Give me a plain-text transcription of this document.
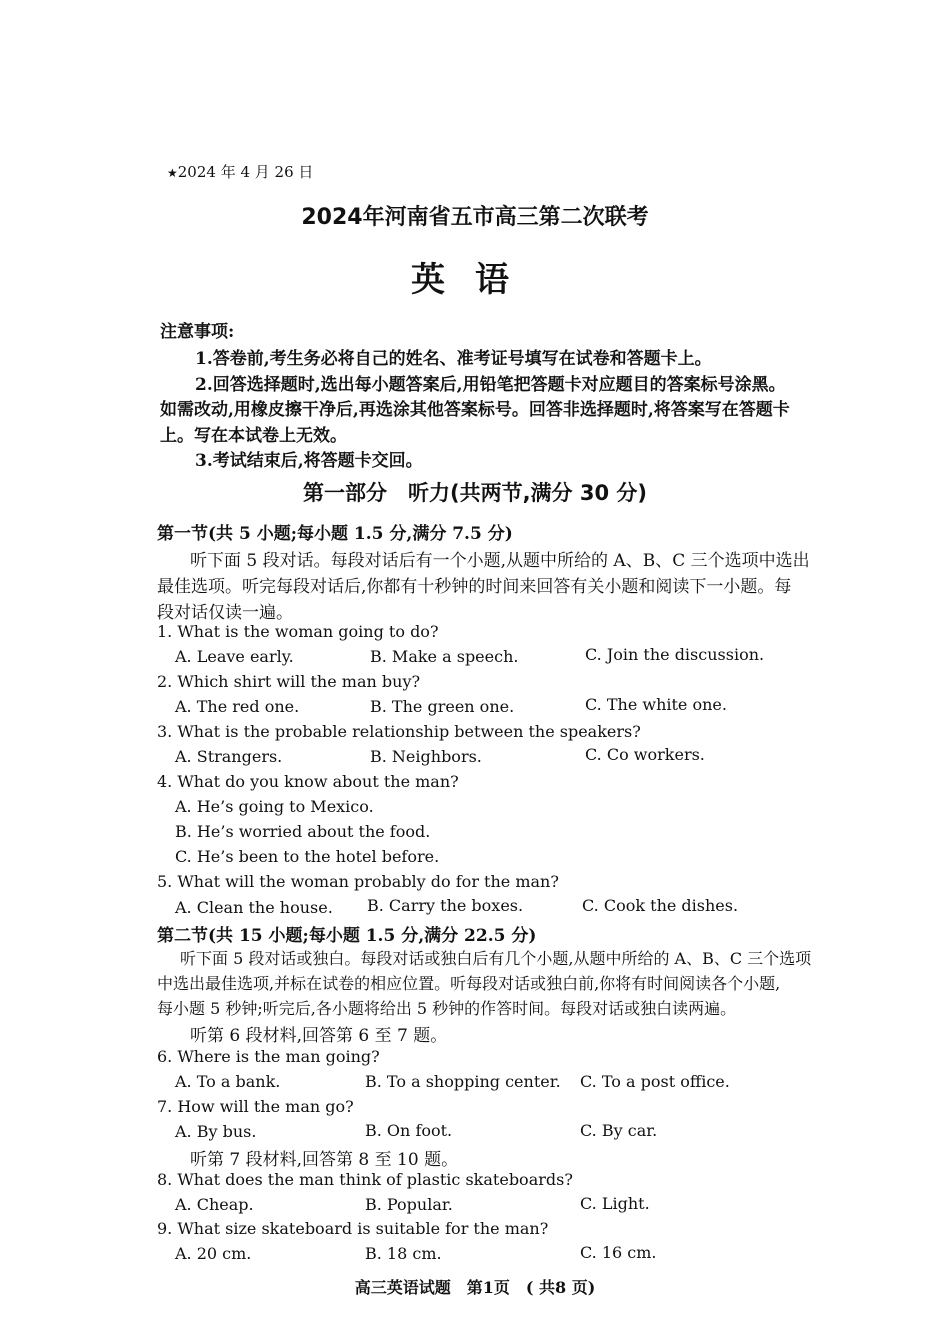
★2024 年 4 月 26 日
2024年河南省五市高三第二次联考
英语
注意事项:
1.答卷前,考生务必将自己的姓名、准考证号填写在试卷和答题卡上。
2.回答选择题时,选出每小题答案后,用铅笔把答题卡对应题目的答案标号涂黑。
如需改动,用橡皮擦干净后,再选涂其他答案标号。回答非选择题时,将答案写在答题卡
上。写在本试卷上无效。
3.考试结束后,将答题卡交回。
第一部分　听力(共两节,满分 30 分)
第一节(共 5 小题;每小题 1.5 分,满分 7.5 分)
听下面 5 段对话。每段对话后有一个小题,从题中所给的 A、B、C 三个选项中选出
最佳选项。听完每段对话后,你都有十秒钟的时间来回答有关小题和阅读下一小题。每
段对话仅读一遍。
1. What is the woman going to do?
A. Leave early.	B. Make a speech.	C. Join the discussion.
2. Which shirt will the man buy?
A. The red one.	B. The green one.	C. The white one.
3. What is the probable relationship between the speakers?
A. Strangers.	B. Neighbors.	C. Co workers.
4. What do you know about the man?
A. He’s going to Mexico.
B. He’s worried about the food.
C. He’s been to the hotel before.
5. What will the woman probably do for the man?
A. Clean the house. B. Carry the boxes.	C. Cook the dishes.
第二节(共 15 小题;每小题 1.5 分,满分 22.5 分)
听下面 5 段对话或独白。每段对话或独白后有几个小题,从题中所给的 A、B、C 三个选项
中选出最佳选项,并标在试卷的相应位置。听每段对话或独白前,你将有时间阅读各个小题,
每小题 5 秒钟;听完后,各小题将给出 5 秒钟的作答时间。每段对话或独白读两遍。
听第 6 段材料,回答第 6 至 7 题。
6. Where is the man going?
A. To a bank.	B. To a shopping center. C. To a post office.
7. How will the man go?
A. By bus.	B. On foot.	C. By car.
听第 7 段材料,回答第 8 至 10 题。
8. What does the man think of plastic skateboards?
A. Cheap.	B. Popular.	C. Light.
9. What size skateboard is suitable for the man?
A. 20 cm.	B. 18 cm.	C. 16 cm.
高三英语试题　第1页　( 共8 页)
